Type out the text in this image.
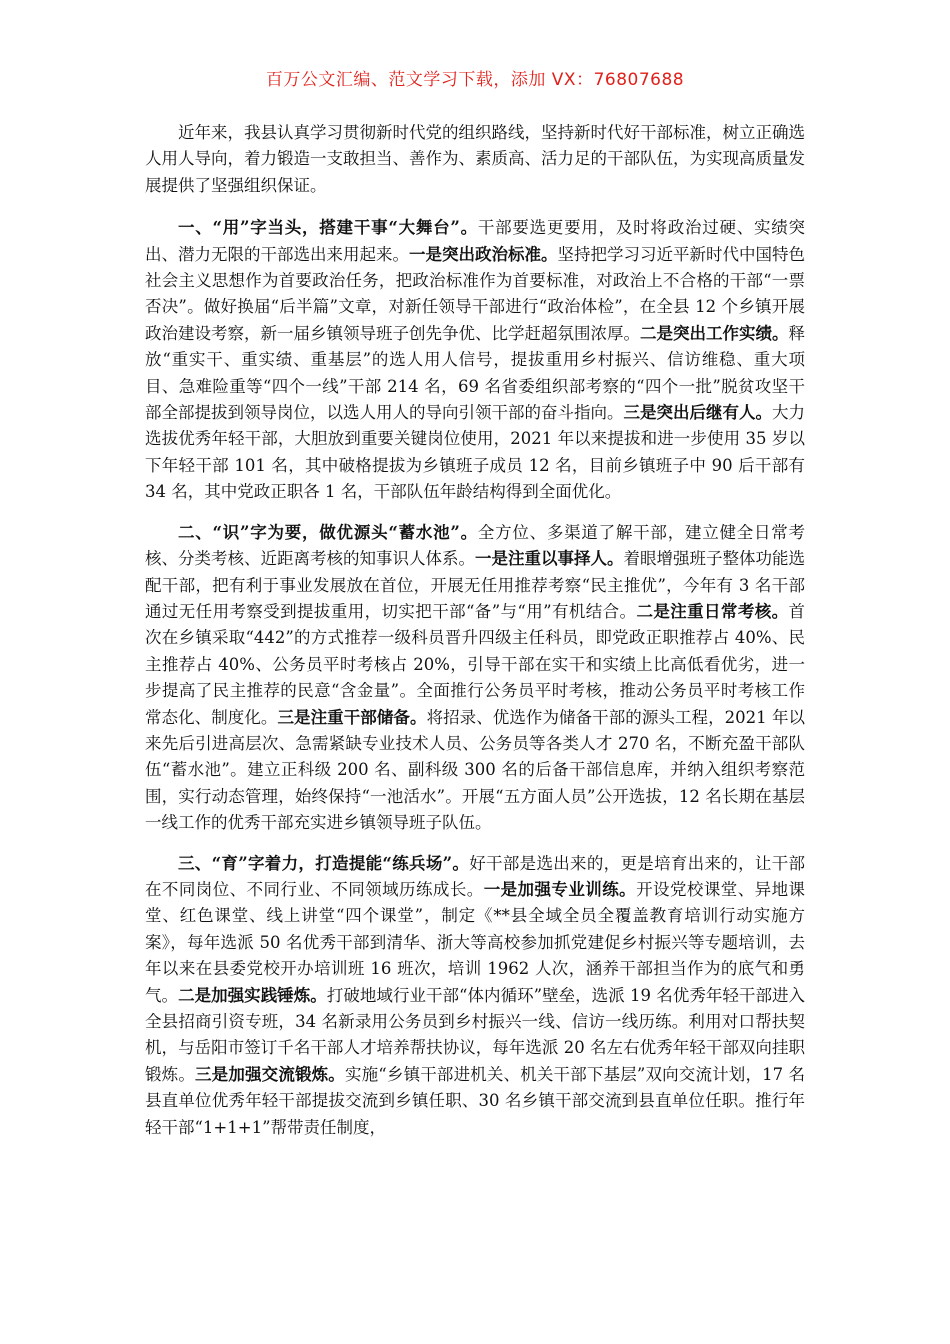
百万公文汇编、范文学习下载，添加 VX：76807688

近年来，我县认真学习贯彻新时代党的组织路线，坚持新时代好干部标准，树立正确选人用人导向，着力锻造一支敢担当、善作为、素质高、活力足的干部队伍，为实现高质量发展提供了坚强组织保证。

一、“用”字当头，搭建干事“大舞台”。干部要选更要用，及时将政治过硬、实绩突出、潜力无限的干部选出来用起来。一是突出政治标准。坚持把学习习近平新时代中国特色社会主义思想作为首要政治任务，把政治标准作为首要标准，对政治上不合格的干部“一票否决”。做好换届“后半篇”文章，对新任领导干部进行“政治体检”，在全县 12 个乡镇开展政治建设考察，新一届乡镇领导班子创先争优、比学赶超氛围浓厚。二是突出工作实绩。释放“重实干、重实绩、重基层”的选人用人信号，提拔重用乡村振兴、信访维稳、重大项目、急难险重等“四个一线”干部 214 名，69 名省委组织部考察的“四个一批”脱贫攻坚干部全部提拔到领导岗位，以选人用人的导向引领干部的奋斗指向。三是突出后继有人。大力选拔优秀年轻干部，大胆放到重要关键岗位使用，2021 年以来提拔和进一步使用 35 岁以下年轻干部 101 名，其中破格提拔为乡镇班子成员 12 名，目前乡镇班子中 90 后干部有 34 名，其中党政正职各 1 名，干部队伍年龄结构得到全面优化。

二、“识”字为要，做优源头“蓄水池”。全方位、多渠道了解干部，建立健全日常考核、分类考核、近距离考核的知事识人体系。一是注重以事择人。着眼增强班子整体功能选配干部，把有利于事业发展放在首位，开展无任用推荐考察“民主推优”，今年有 3 名干部通过无任用考察受到提拔重用，切实把干部“备”与“用”有机结合。二是注重日常考核。首次在乡镇采取“442”的方式推荐一级科员晋升四级主任科员，即党政正职推荐占 40%、民主推荐占 40%、公务员平时考核占 20%，引导干部在实干和实绩上比高低看优劣，进一步提高了民主推荐的民意“含金量”。全面推行公务员平时考核，推动公务员平时考核工作常态化、制度化。三是注重干部储备。将招录、优选作为储备干部的源头工程，2021 年以来先后引进高层次、急需紧缺专业技术人员、公务员等各类人才 270 名，不断充盈干部队伍“蓄水池”。建立正科级 200 名、副科级 300 名的后备干部信息库，并纳入组织考察范围，实行动态管理，始终保持“一池活水”。开展“五方面人员”公开选拔，12 名长期在基层一线工作的优秀干部充实进乡镇领导班子队伍。

三、“育”字着力，打造提能“练兵场”。好干部是选出来的，更是培育出来的，让干部在不同岗位、不同行业、不同领域历练成长。一是加强专业训练。开设党校课堂、异地课堂、红色课堂、线上讲堂“四个课堂”，制定《**县全域全员全覆盖教育培训行动实施方案》，每年选派 50 名优秀干部到清华、浙大等高校参加抓党建促乡村振兴等专题培训，去年以来在县委党校开办培训班 16 班次，培训 1962 人次，涵养干部担当作为的底气和勇气。二是加强实践锤炼。打破地域行业干部“体内循环”壁垒，选派 19 名优秀年轻干部进入全县招商引资专班，34 名新录用公务员到乡村振兴一线、信访一线历练。利用对口帮扶契机，与岳阳市签订千名干部人才培养帮扶协议，每年选派 20 名左右优秀年轻干部双向挂职锻炼。三是加强交流锻炼。实施“乡镇干部进机关、机关干部下基层”双向交流计划，17 名县直单位优秀年轻干部提拔交流到乡镇任职、30 名乡镇干部交流到县直单位任职。推行年轻干部“1+1+1”帮带责任制度，
